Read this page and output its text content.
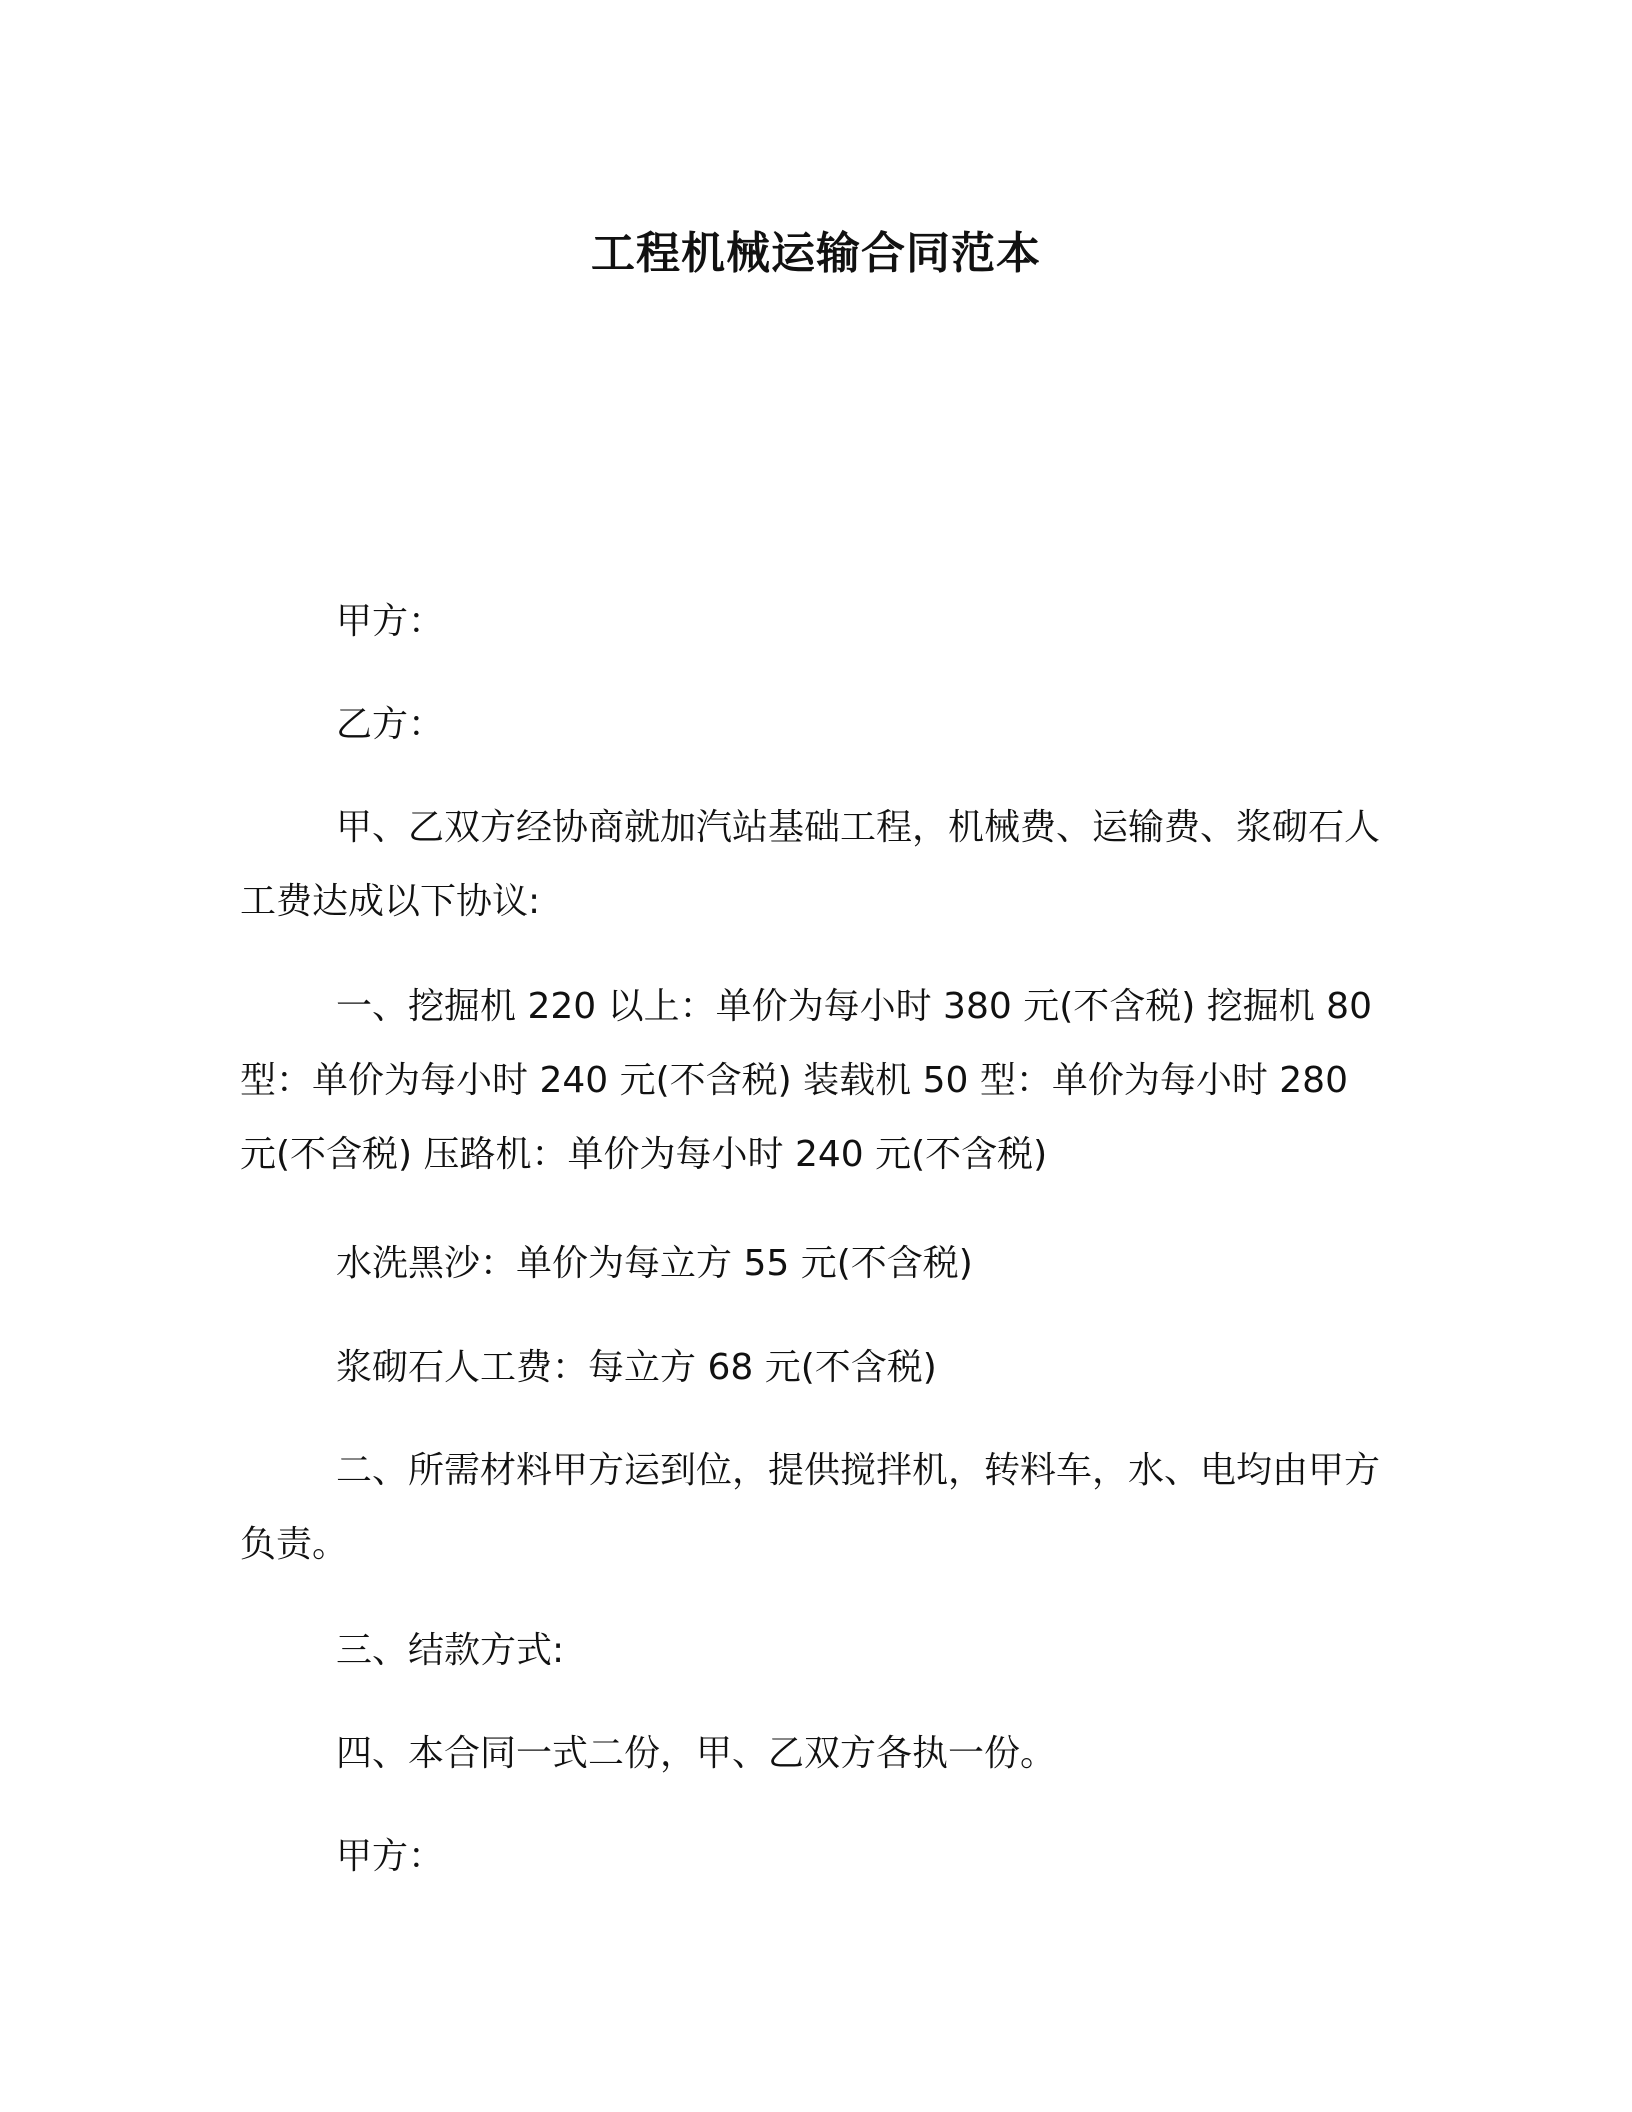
工程机械运输合同范本

甲方：

乙方：

甲、乙双方经协商就加汽站基础工程，机械费、运输费、浆砌石人工费达成以下协议:

一、挖掘机 220 以上：单价为每小时 380 元(不含税) 挖掘机 80 型：单价为每小时 240 元(不含税) 装载机 50 型：单价为每小时 280 元(不含税) 压路机：单价为每小时 240 元(不含税)

水洗黑沙：单价为每立方 55 元(不含税)

浆砌石人工费：每立方 68 元(不含税)

二、所需材料甲方运到位，提供搅拌机，转料车，水、电均由甲方负责。

三、结款方式:

四、本合同一式二份，甲、乙双方各执一份。

甲方：
